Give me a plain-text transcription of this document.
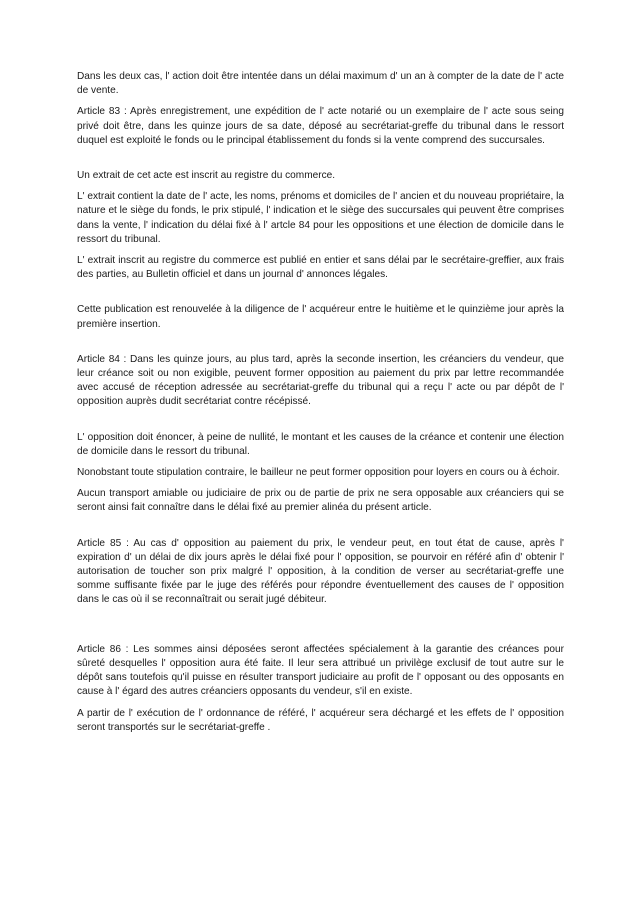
Dans les deux cas, l' action doit être intentée dans un délai maximum d' un an à compter de la date de l' acte de vente.

Article 83 : Après enregistrement, une expédition de l' acte notarié ou un exemplaire de l' acte sous seing privé doit être, dans les quinze jours de sa date, déposé au secrétariat-greffe du tribunal dans le ressort duquel est exploité le fonds ou le principal établissement du fonds si la vente comprend des succursales.

Un extrait de cet acte est inscrit au registre du commerce.

L' extrait contient la date de l' acte, les noms, prénoms et domiciles de l' ancien et du nouveau propriétaire, la nature et le siège du fonds, le prix stipulé, l' indication et le siège des succursales qui peuvent être comprises dans la vente, l' indication du délai fixé à l' artcle 84 pour les oppositions et une élection de domicile dans le ressort du tribunal.

L' extrait inscrit au registre du commerce est publié en entier et sans délai par le secrétaire-greffier, aux frais des parties, au Bulletin officiel et dans un journal d' annonces légales.

Cette publication est renouvelée à la diligence de l' acquéreur entre le huitième et le quinzième jour après la première insertion.

Article 84 : Dans les quinze jours, au plus tard, après la seconde insertion, les créanciers du vendeur, que leur créance soit ou non exigible, peuvent former opposition au paiement du prix par lettre recommandée avec accusé de réception adressée au secrétariat-greffe du tribunal qui a reçu l' acte ou par dépôt de l' opposition auprès dudit secrétariat contre récépissé.

L' opposition doit énoncer, à peine de nullité, le montant et les causes de la créance et contenir une élection de domicile dans le ressort du tribunal.

Nonobstant toute stipulation contraire, le bailleur ne peut former opposition pour loyers en cours ou à échoir.

Aucun transport amiable ou judiciaire de prix ou de partie de prix ne sera opposable aux créanciers qui se seront ainsi fait connaître dans le délai fixé au premier alinéa du présent article.

Article 85 : Au cas d' opposition au paiement du prix, le vendeur peut, en tout état de cause, après l' expiration d' un délai de dix jours après le délai fixé pour l' opposition, se pourvoir en référé afin d' obtenir l' autorisation de toucher son prix malgré l' opposition, à la condition de verser au secrétariat-greffe une somme suffisante fixée par le juge des référés pour répondre éventuellement des causes de l' opposition dans le cas où il se reconnaîtrait ou serait jugé débiteur.

Article 86 : Les sommes ainsi déposées seront affectées spécialement à la garantie des créances pour sûreté desquelles l' opposition aura été faite. Il leur sera attribué un privilège exclusif de tout autre sur le dépôt sans toutefois qu'il puisse en résulter transport judiciaire au profit de l' opposant ou des opposants en cause à l' égard des autres créanciers opposants du vendeur, s'il en existe.

A partir de l' exécution de l' ordonnance de référé, l' acquéreur sera déchargé et les effets de l' opposition seront transportés sur le secrétariat-greffe .
